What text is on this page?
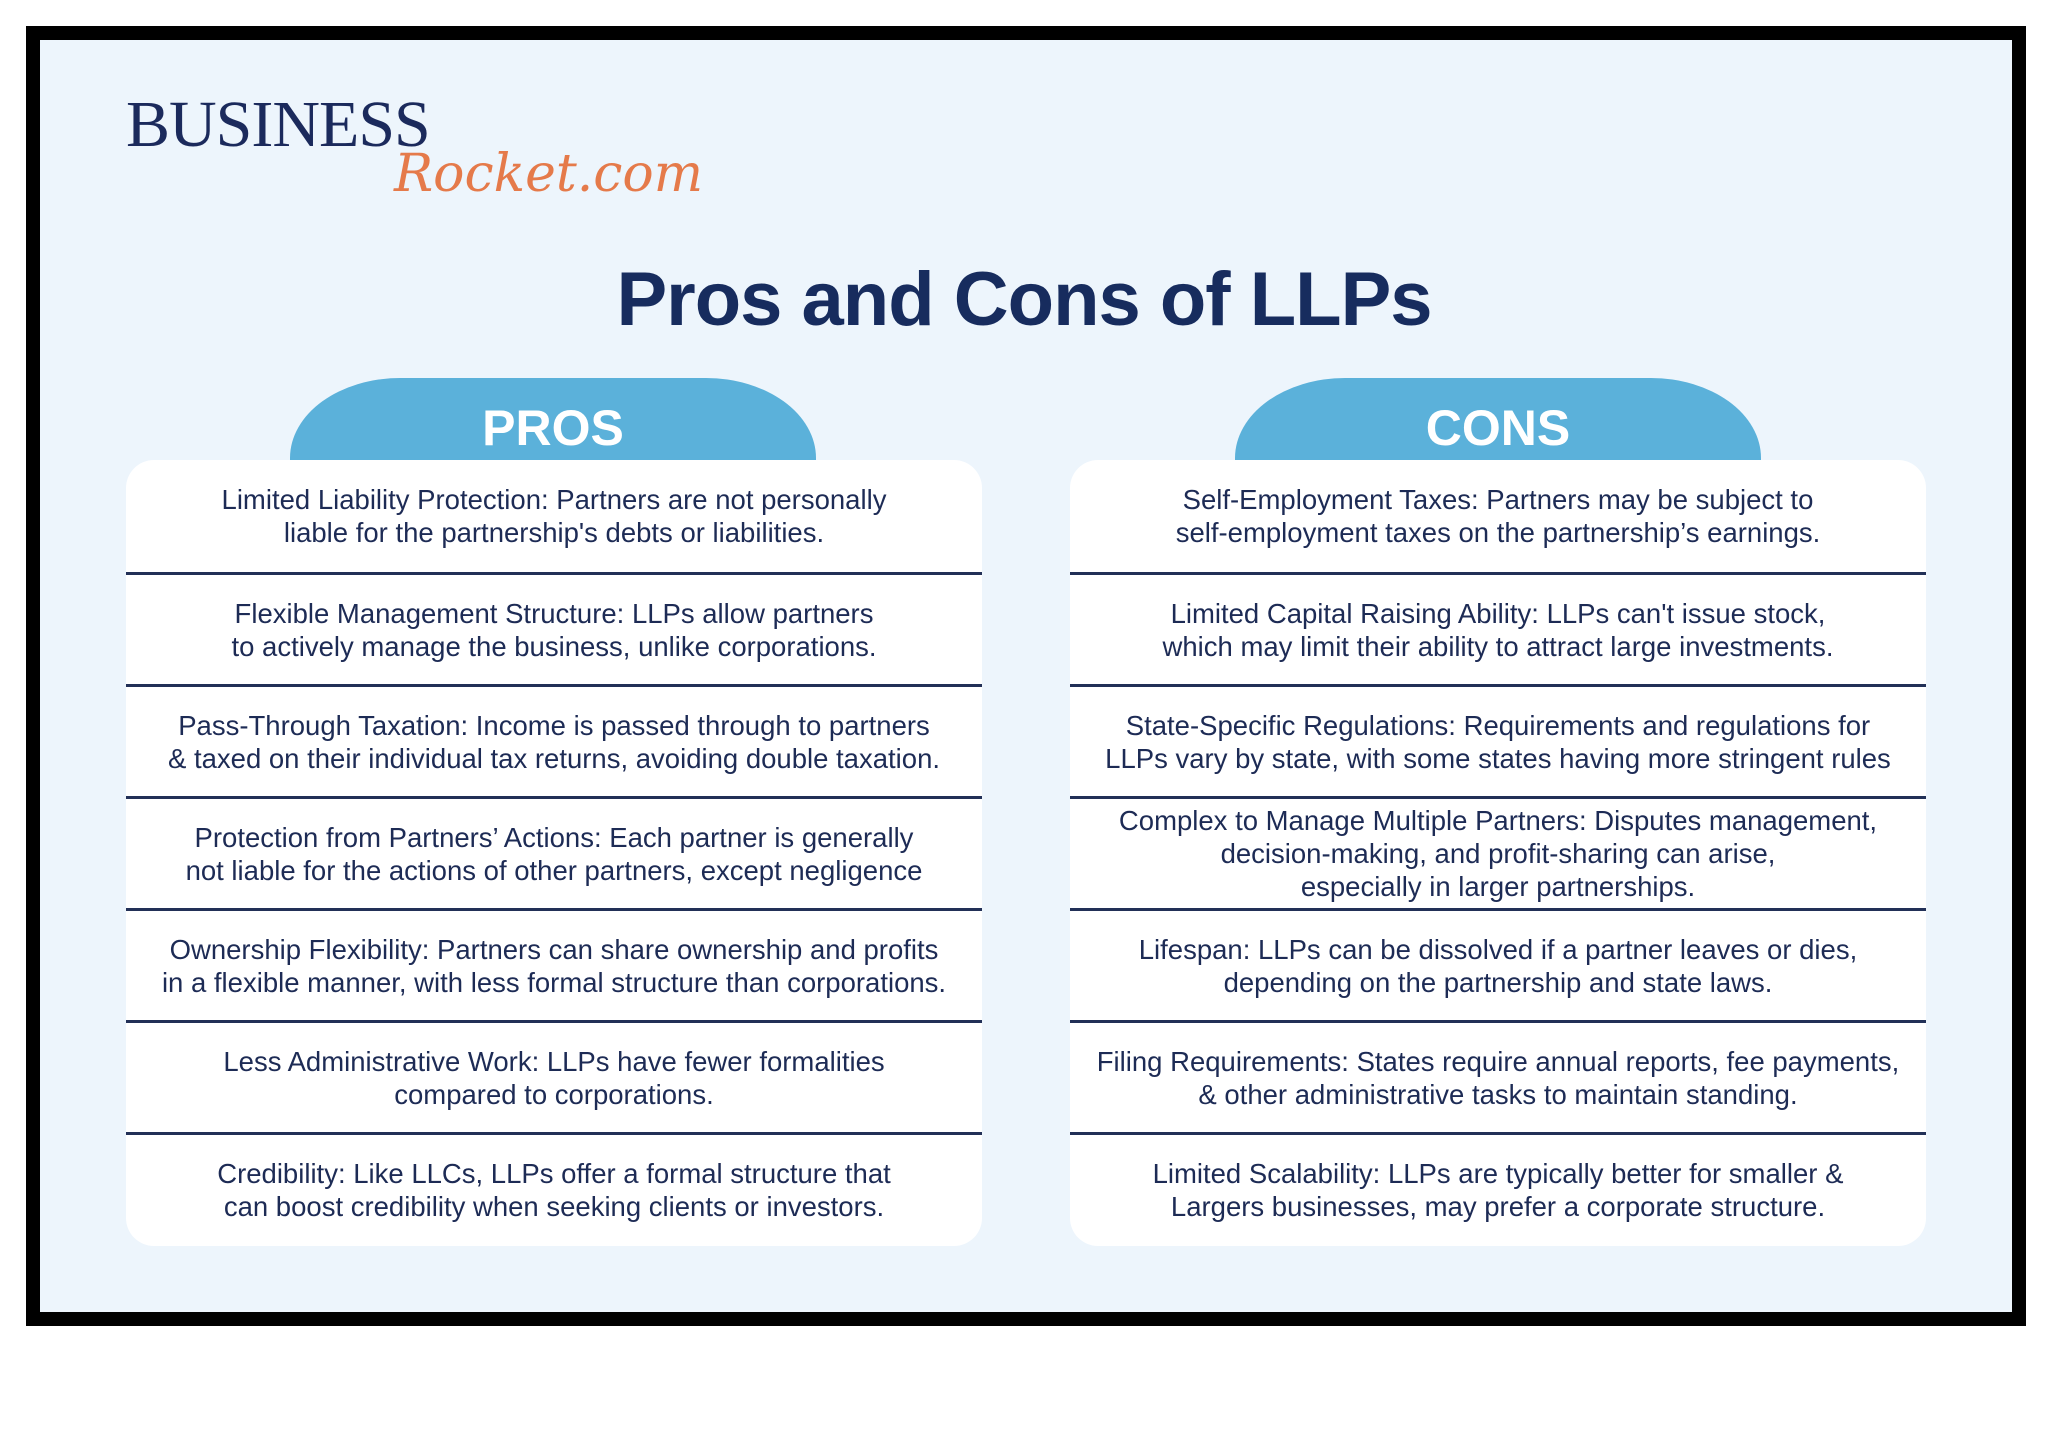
BUSINESS
Rocket.com
Pros and Cons of LLPs
PROS	CONS
Limited Liability Protection: Partners are not personally
liable for the partnership's debts or liabilities.
Flexible Management Structure: LLPs allow partners
to actively manage the business, unlike corporations.
Pass-Through Taxation: Income is passed through to partners
& taxed on their individual tax returns, avoiding double taxation.
Protection from Partners’ Actions: Each partner is generally
not liable for the actions of other partners, except negligence
Ownership Flexibility: Partners can share ownership and profits
in a flexible manner, with less formal structure than corporations.
Less Administrative Work: LLPs have fewer formalities
compared to corporations.
Credibility: Like LLCs, LLPs offer a formal structure that
can boost credibility when seeking clients or investors.
Self-Employment Taxes: Partners may be subject to
self-employment taxes on the partnership’s earnings.
Limited Capital Raising Ability: LLPs can't issue stock,
which may limit their ability to attract large investments.
State-Specific Regulations: Requirements and regulations for
LLPs vary by state, with some states having more stringent rules
Complex to Manage Multiple Partners: Disputes management,
decision-making, and profit-sharing can arise,
especially in larger partnerships.
Lifespan: LLPs can be dissolved if a partner leaves or dies,
depending on the partnership and state laws.
Filing Requirements: States require annual reports, fee payments,
& other administrative tasks to maintain standing.
Limited Scalability: LLPs are typically better for smaller &
Largers businesses, may prefer a corporate structure.
